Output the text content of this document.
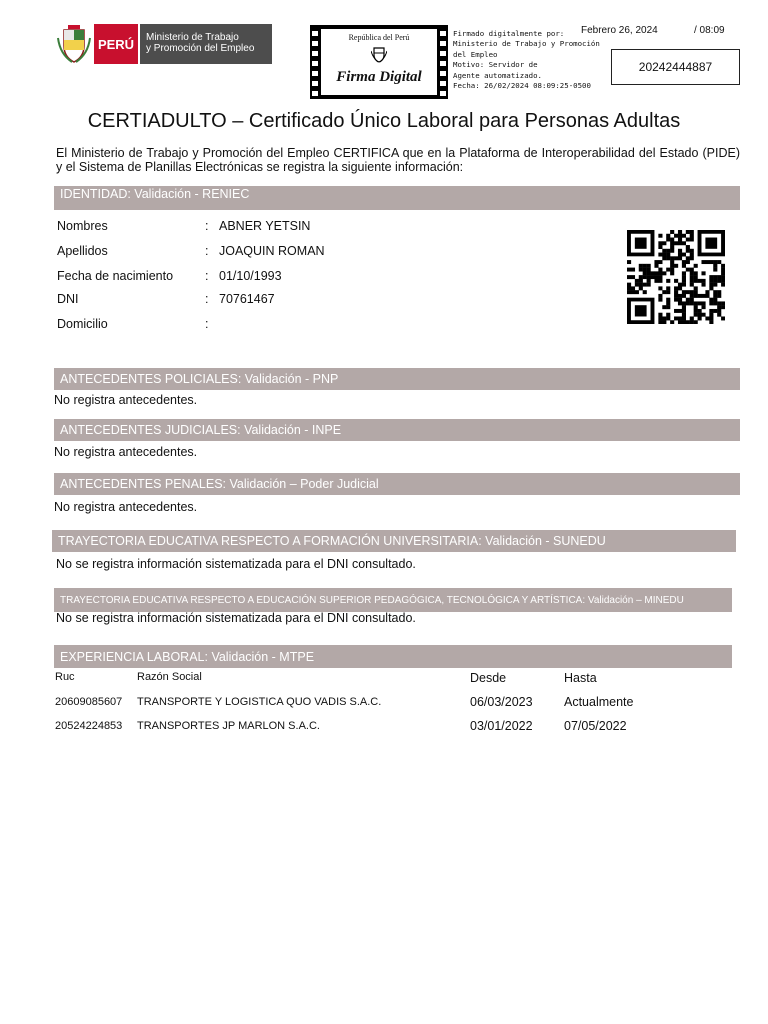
PERÚ	Ministerio de Trabajo
y Promoción del Empleo
República del Perú
Firma Digital
Firmado digitalmente por:
Ministerio de Trabajo y Promoción
del Empleo
Motivo: Servidor de
Agente automatizado.
Fecha: 26/02/2024 08:09:25-0500
Febrero 26, 2024	/ 08:09
20242444887
CERTIADULTO – Certificado Único Laboral para Personas Adultas
El Ministerio de Trabajo y Promoción del Empleo CERTIFICA que en la Plataforma de Interoperabilidad del Estado (PIDE) y el Sistema de Planillas Electrónicas se registra la siguiente información:
IDENTIDAD: Validación - RENIEC
Nombres	: ABNER YETSIN
Apellidos	: JOAQUIN ROMAN
Fecha de nacimiento	: 01/10/1993
DNI	: 70761467
Domicilio	:
ANTECEDENTES POLICIALES: Validación - PNP
No registra antecedentes.
ANTECEDENTES JUDICIALES: Validación - INPE
No registra antecedentes.
ANTECEDENTES PENALES: Validación – Poder Judicial
No registra antecedentes.
TRAYECTORIA EDUCATIVA RESPECTO A FORMACIÓN UNIVERSITARIA: Validación - SUNEDU
No se registra información sistematizada para el DNI consultado.
TRAYECTORIA EDUCATIVA RESPECTO A EDUCACIÓN SUPERIOR PEDAGÓGICA, TECNOLÓGICA Y ARTÍSTICA: Validación – MINEDU
No se registra información sistematizada para el DNI consultado.
EXPERIENCIA LABORAL: Validación - MTPE
Ruc	Razón Social	Desde	Hasta
20609085607 TRANSPORTE Y LOGISTICA QUO VADIS S.A.C.	06/03/2023	Actualmente
20524224853 TRANSPORTES JP MARLON S.A.C.	03/01/2022	07/05/2022
